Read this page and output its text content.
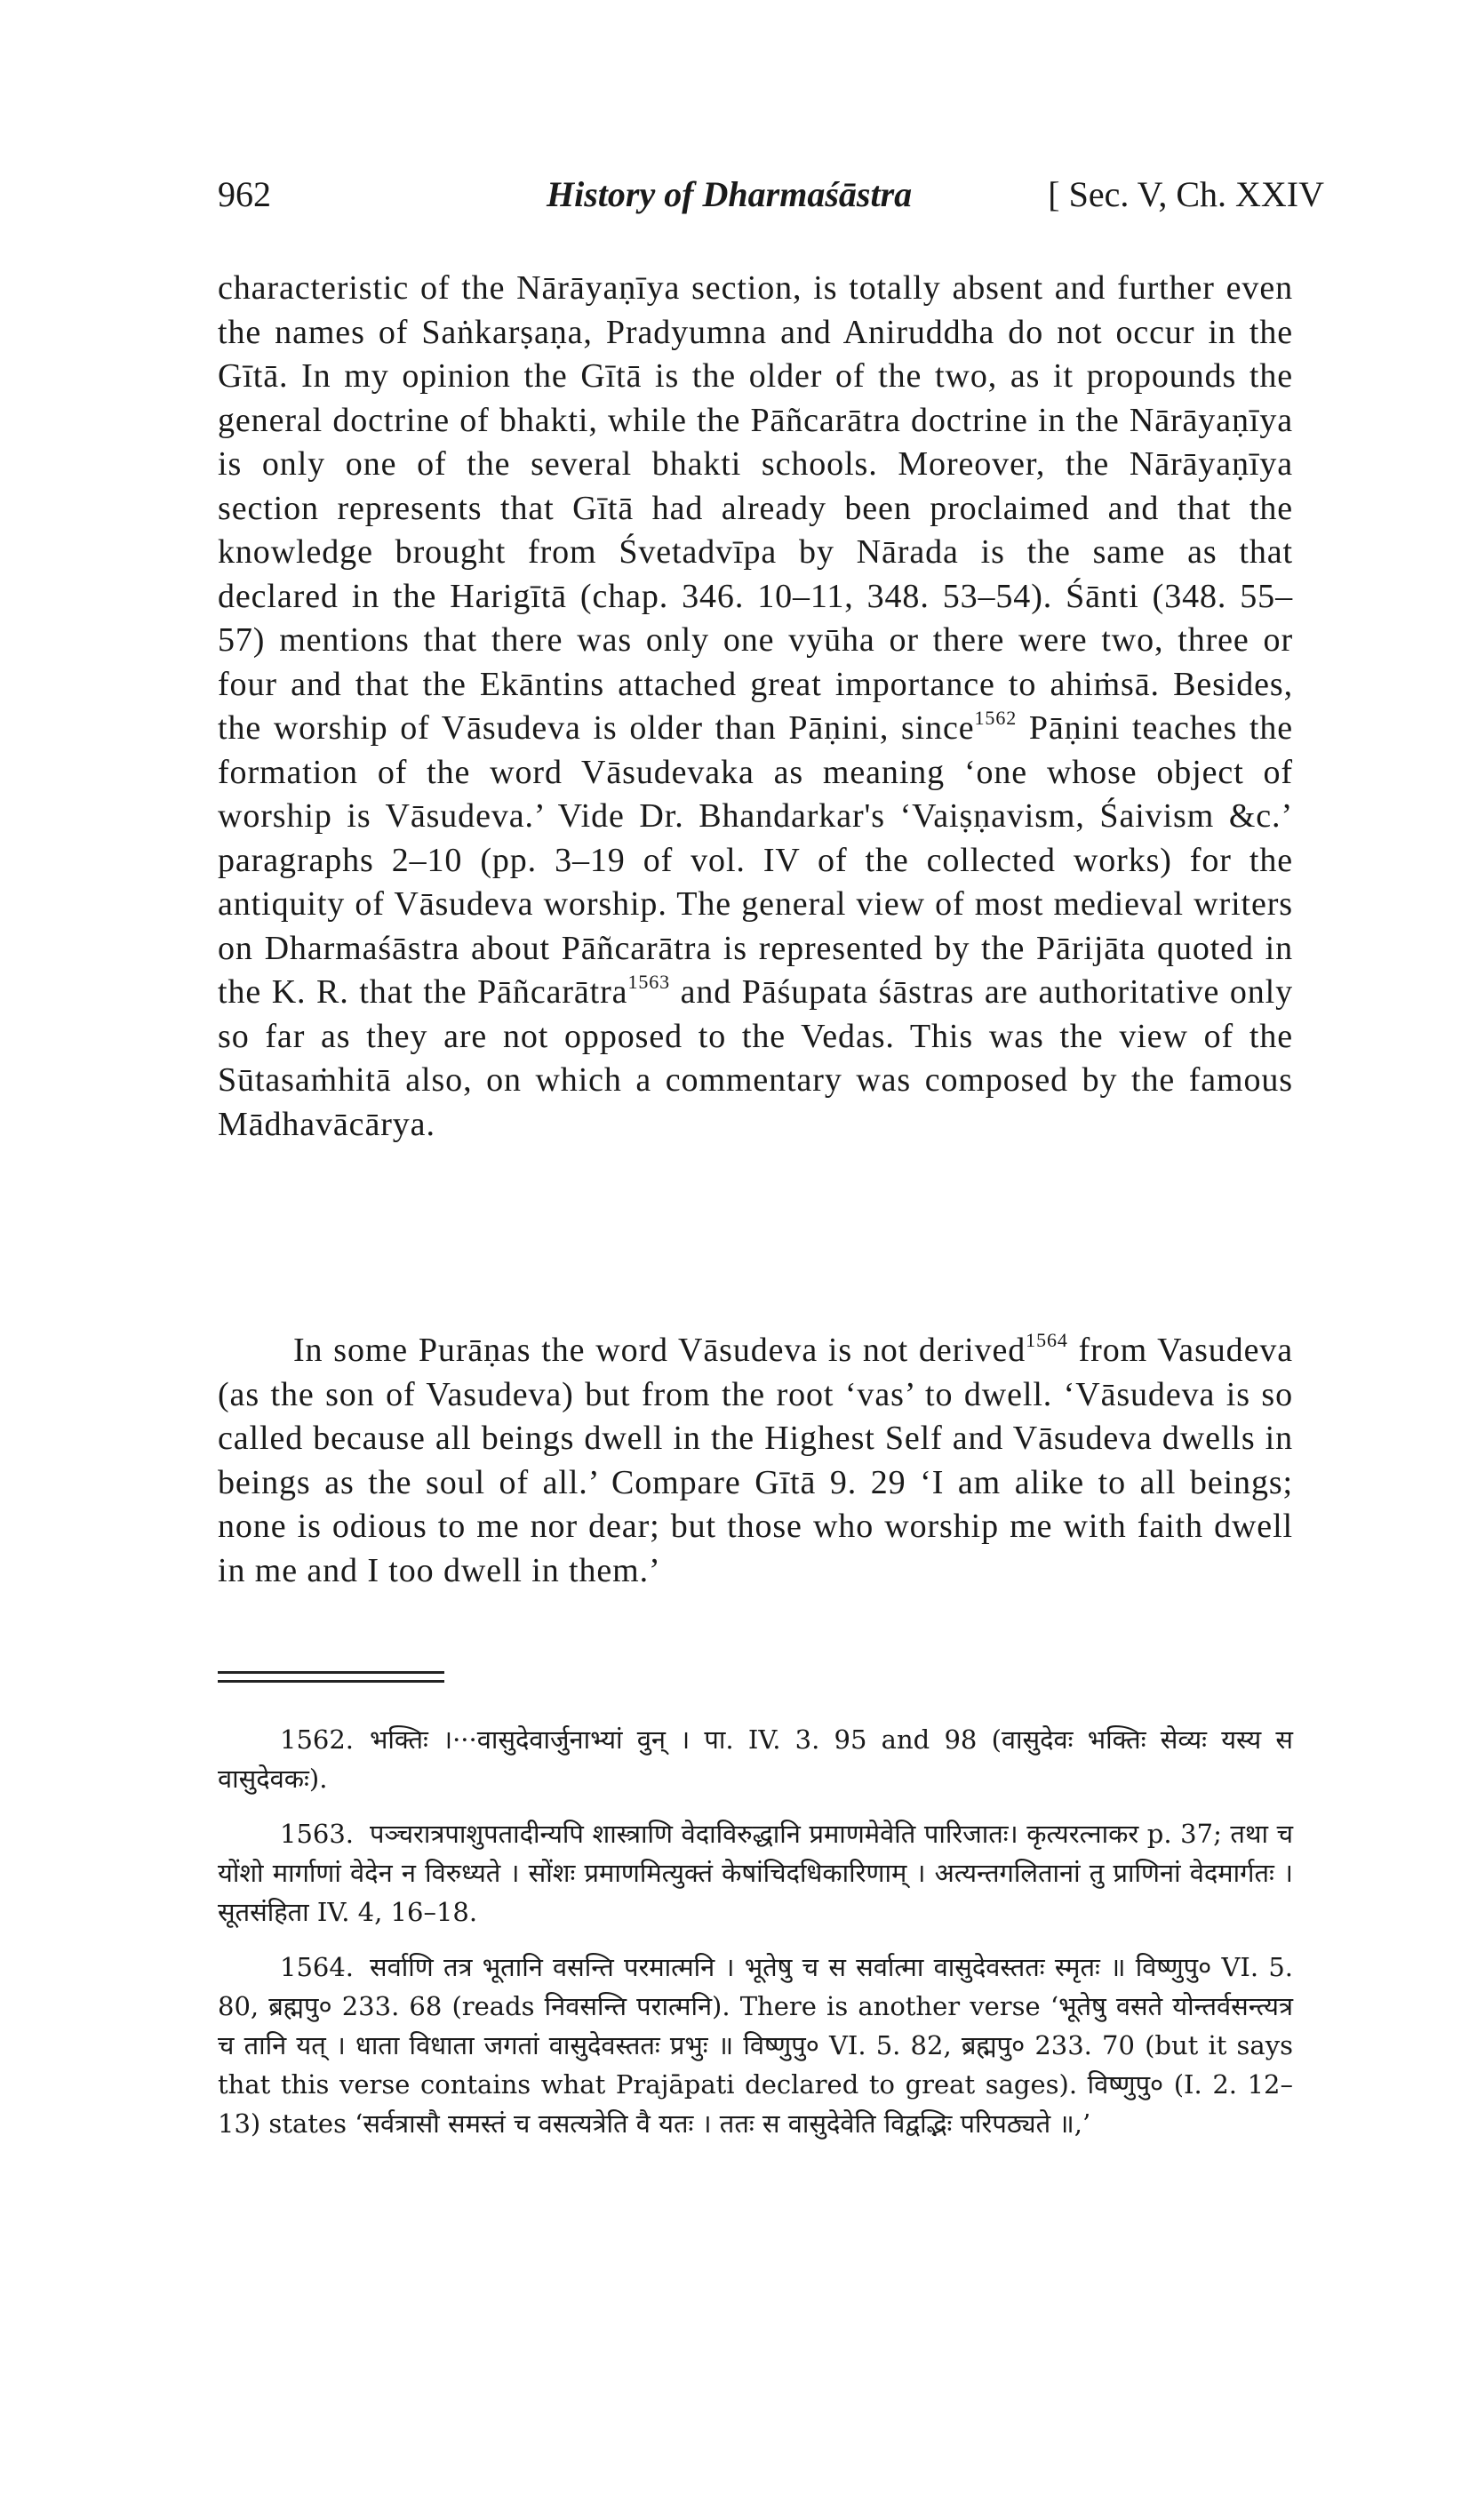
962	History of Dharmaśāstra	[ Sec. V, Ch. XXIV

characteristic of the Nārāyaṇīya section, is totally absent and further even the names of Saṅkarṣaṇa, Pradyumna and Aniruddha do not occur in the Gītā. In my opinion the Gītā is the older of the two, as it propounds the general doctrine of bhakti, while the Pāñcarātra doctrine in the Nārāyaṇīya is only one of the several bhakti schools. Moreover, the Nārāyaṇīya section represents that Gītā had already been proclaimed and that the knowledge brought from Śvetadvīpa by Nārada is the same as that declared in the Harigītā (chap. 346. 10–11, 348. 53–54). Śānti (348. 55–57) mentions that there was only one vyūha or there were two, three or four and that the Ekāntins attached great importance to ahiṁsā. Besides, the worship of Vāsudeva is older than Pāṇini, since$^{1562}$ Pāṇini teaches the formation of the word Vāsudevaka as meaning ‘one whose object of worship is Vāsudeva.’ Vide Dr. Bhandarkar's ‘Vaiṣṇavism, Śaivism &c.’ paragraphs 2–10 (pp. 3–19 of vol. IV of the collected works) for the antiquity of Vāsudeva worship. The general view of most medieval writers on Dharmaśāstra about Pāñcarātra is represented by the Pārijāta quoted in the K. R. that the Pāñcarātra$^{1563}$ and Pāśupata śāstras are authoritative only so far as they are not opposed to the Vedas. This was the view of the Sūtasaṁhitā also, on which a commentary was composed by the famous Mādhavācārya.

In some Purāṇas the word Vāsudeva is not derived$^{1564}$ from Vasudeva (as the son of Vasudeva) but from the root ‘vas’ to dwell. ‘Vāsudeva is so called because all beings dwell in the Highest Self and Vāsudeva dwells in beings as the soul of all.’ Compare Gītā 9. 29 ‘I am alike to all beings; none is odious to me nor dear; but those who worship me with faith dwell in me and I too dwell in them.’

1562. भक्तिः ।···वासुदेवार्जुनाभ्यां वुन् । पा. IV. 3. 95 and 98 (वासुदेवः भक्तिः सेव्यः यस्य स वासुदेवकः).

1563. पञ्चरात्रपाशुपतादीन्यपि शास्त्राणि वेदाविरुद्धानि प्रमाणमेवेति पारिजातः। कृत्यरत्नाकर p. 37; तथा च योंशो मार्गाणां वेदेन न विरुध्यते । सोंशः प्रमाणमित्युक्तं केषांचिदधिकारिणाम् । अत्यन्तगलितानां तु प्राणिनां वेदमार्गतः । सूतसंहिता IV. 4, 16–18.

1564. सर्वाणि तत्र भूतानि वसन्ति परमात्मनि । भूतेषु च स सर्वात्मा वासुदेवस्ततः स्मृतः ॥ विष्णुपु० VI. 5. 80, ब्रह्मपु० 233. 68 (reads निवसन्ति परात्मनि). There is another verse ‘भूतेषु वसते योन्तर्वसन्त्यत्र च तानि यत् । धाता विधाता जगतां वासुदेवस्ततः प्रभुः ॥ विष्णुपु० VI. 5. 82, ब्रह्मपु० 233. 70 (but it says that this verse contains what Prajāpati declared to great sages). विष्णुपु० (I. 2. 12–13) states ‘सर्वत्रासौ समस्तं च वसत्यत्रेति वै यतः । ततः स वासुदेवेति विद्वद्भिः परिपठ्यते ॥,’
